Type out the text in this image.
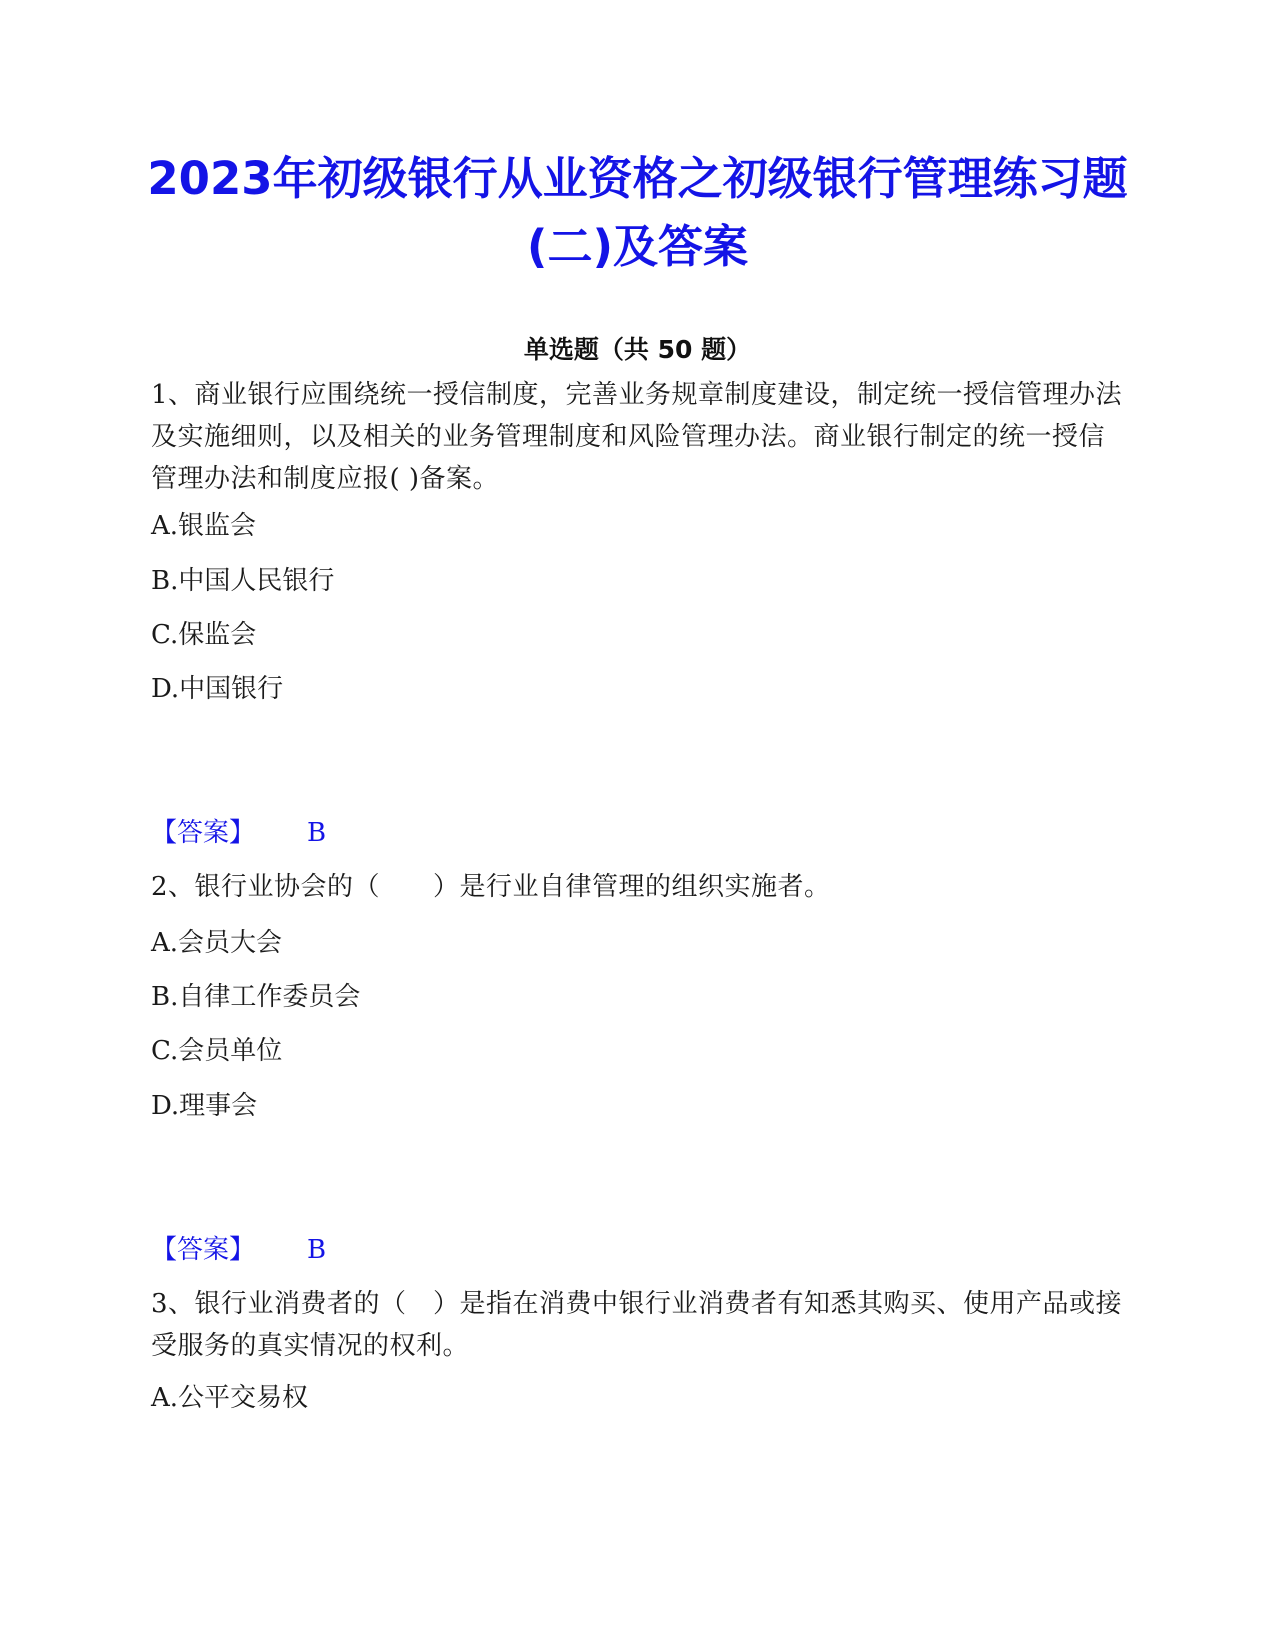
2023年初级银行从业资格之初级银行管理练习题(二)及答案
单选题（共 50 题）
1、商业银行应围绕统一授信制度，完善业务规章制度建设，制定统一授信管理办法及实施细则，以及相关的业务管理制度和风险管理办法。商业银行制定的统一授信管理办法和制度应报( )备案。
A.银监会
B.中国人民银行
C.保监会
D.中国银行
【答案】 B
2、银行业协会的（　　）是行业自律管理的组织实施者。
A.会员大会
B.自律工作委员会
C.会员单位
D.理事会
【答案】 B
3、银行业消费者的（　）是指在消费中银行业消费者有知悉其购买、使用产品或接受服务的真实情况的权利。
A.公平交易权
